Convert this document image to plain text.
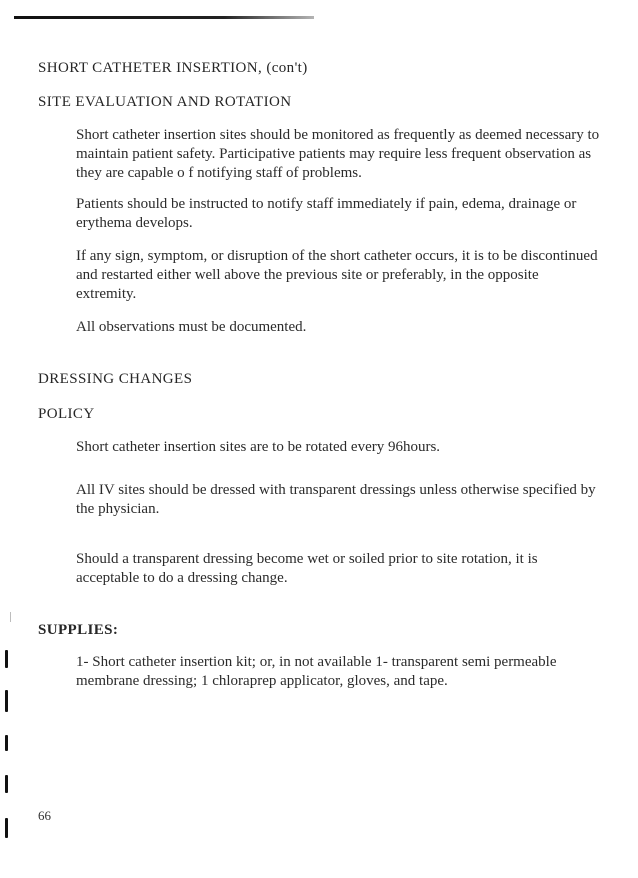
SHORT CATHETER INSERTION, (con't)
SITE EVALUATION AND ROTATION

Short catheter insertion sites should be monitored as frequently as deemed necessary to maintain patient safety. Participative patients may require less frequent observation as they are capable o f notifying staff of problems.

Patients should be instructed to notify staff immediately if pain, edema, drainage or erythema develops.

If any sign, symptom, or disruption of the short catheter occurs, it is to be discontinued and restarted either well above the previous site or preferably, in the opposite extremity.

All observations must be documented.

DRESSING CHANGES
POLICY

Short catheter insertion sites are to be rotated every 96hours.

All IV sites should be dressed with transparent dressings unless otherwise specified by the physician.

Should a transparent dressing become wet or soiled prior to site rotation, it is acceptable to do a dressing change.

SUPPLIES:

1- Short catheter insertion kit; or, in not available 1- transparent semi permeable membrane dressing; 1 chloraprep applicator, gloves, and tape.

66
